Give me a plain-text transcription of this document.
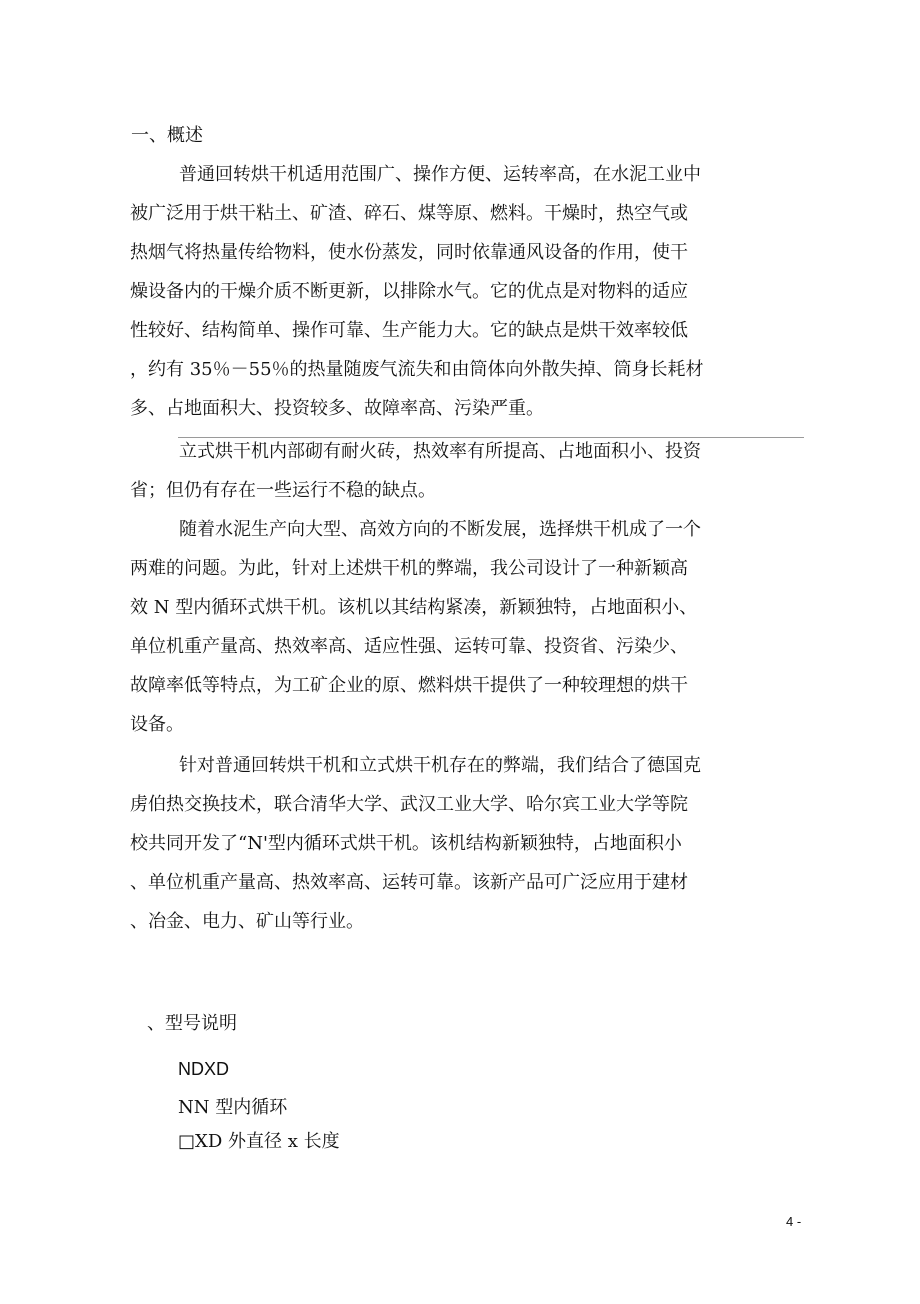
一、概述
普通回转烘干机适用范围广、操作方便、运转率高，在水泥工业中
被广泛用于烘干粘土、矿渣、碎石、煤等原、燃料。干燥时，热空气或
热烟气将热量传给物料，使水份蒸发，同时依靠通风设备的作用，使干
燥设备内的干燥介质不断更新，以排除水气。它的优点是对物料的适应
性较好、结构简单、操作可靠、生产能力大。它的缺点是烘干效率较低
，约有 35％－55％的热量随废气流失和由筒体向外散失掉、筒身长耗材
多、占地面积大、投资较多、故障率高、污染严重。
立式烘干机内部砌有耐火砖，热效率有所提高、占地面积小、投资
省；但仍有存在一些运行不稳的缺点。
随着水泥生产向大型、高效方向的不断发展，选择烘干机成了一个
两难的问题。为此，针对上述烘干机的弊端，我公司设计了一种新颖高
效 N 型内循环式烘干机。该机以其结构紧凑，新颖独特，占地面积小、
单位机重产量高、热效率高、适应性强、运转可靠、投资省、污染少、
故障率低等特点，为工矿企业的原、燃料烘干提供了一种较理想的烘干
设备。
针对普通回转烘干机和立式烘干机存在的弊端，我们结合了德国克
虏伯热交换技术，联合清华大学、武汉工业大学、哈尔宾工业大学等院
校共同开发了“N'型内循环式烘干机。该机结构新颖独特，占地面积小
、单位机重产量高、热效率高、运转可靠。该新产品可广泛应用于建材
、冶金、电力、矿山等行业。
、型号说明
NDXD
NN 型内循环
□XD 外直径 x 长度
4 -
